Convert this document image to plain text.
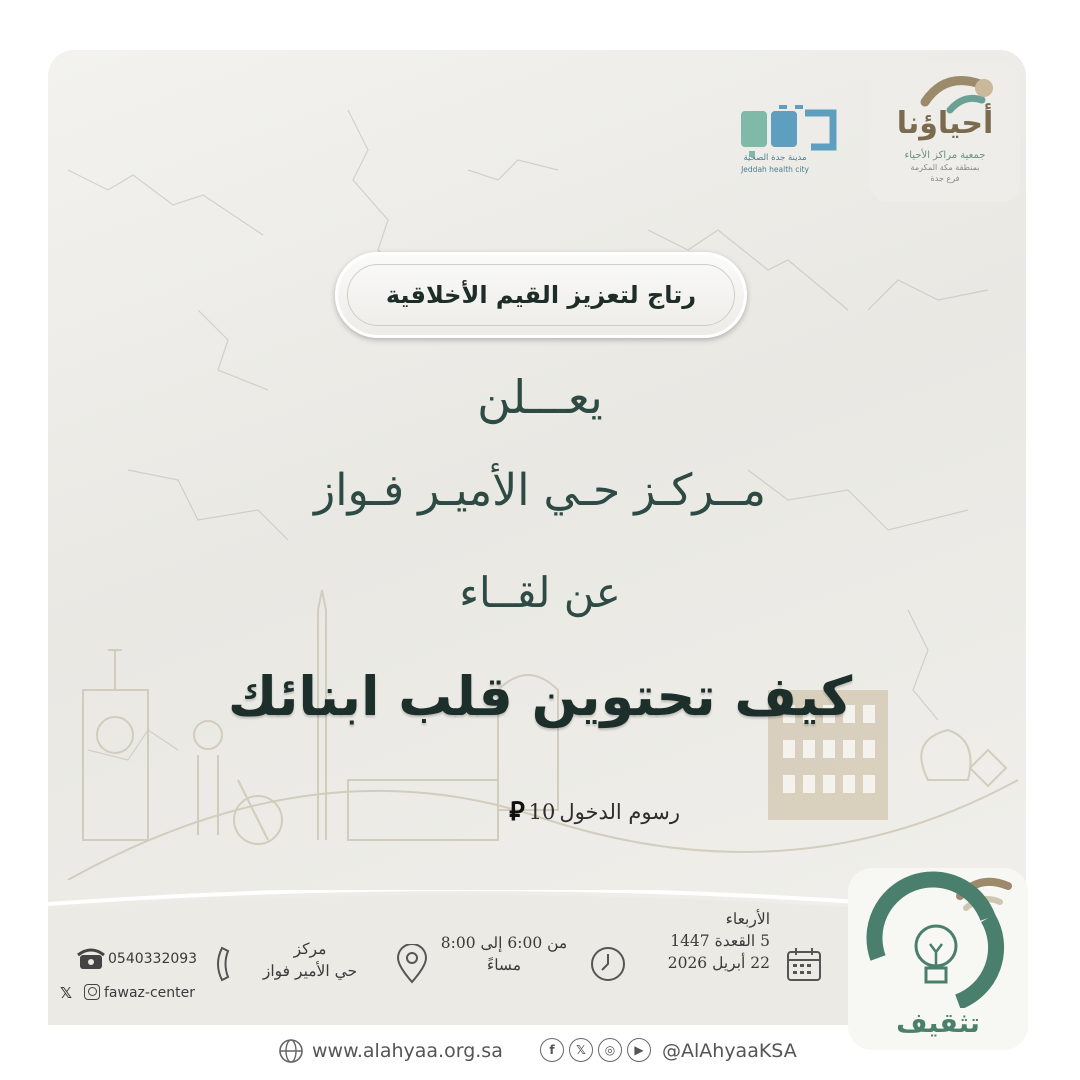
مدينة جدة الصحية
Jeddah health city
أحياؤنا
جمعية مراكز الأحياء
بمنطقة مكة المكرمة
فرع جدة
رتاج لتعزيز القيم الأخلاقية
يعـــلن
مــركـز حـي الأميـر فـواز
عن لقــاء
كيف تحتوين قلب ابنائك
رسوم الدخول
10
⃁
الأربعاء
5 القعدة 1447
22 أبريل 2026
من 6:00 إلى 8:00
مساءً
مركز
حي الأمير فواز
0540332093
𝕏 fawaz-center
تثقيف
www.alahyaa.org.sa	f	𝕏	◎	▶ @AlAhyaaKSA
